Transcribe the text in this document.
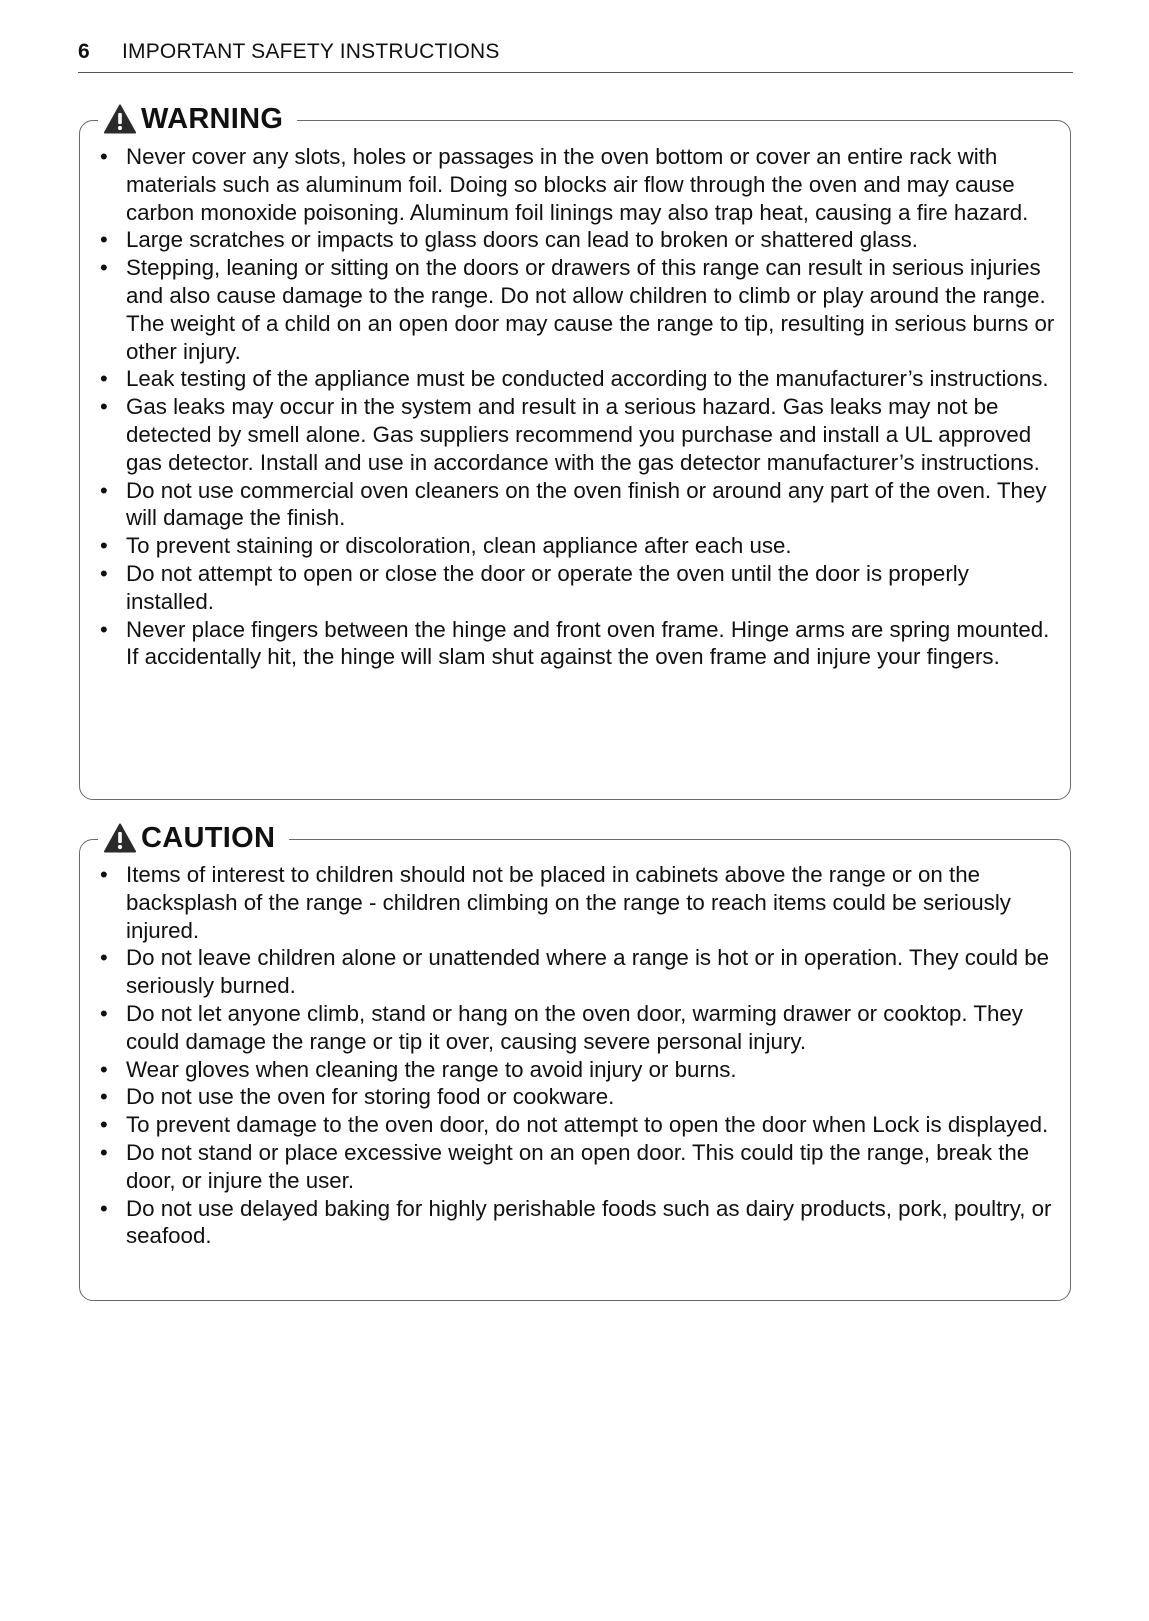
6 IMPORTANT SAFETY INSTRUCTIONS
WARNING
• Never cover any slots, holes or passages in the oven bottom or cover an entire rack with materials such as aluminum foil. Doing so blocks air flow through the oven and may cause carbon monoxide poisoning. Aluminum foil linings may also trap heat, causing a fire hazard.
• Large scratches or impacts to glass doors can lead to broken or shattered glass.
• Stepping, leaning or sitting on the doors or drawers of this range can result in serious injuries and also cause damage to the range. Do not allow children to climb or play around the range. The weight of a child on an open door may cause the range to tip, resulting in serious burns or other injury.
• Leak testing of the appliance must be conducted according to the manufacturer’s instructions.
• Gas leaks may occur in the system and result in a serious hazard. Gas leaks may not be detected by smell alone. Gas suppliers recommend you purchase and install a UL approved gas detector. Install and use in accordance with the gas detector manufacturer’s instructions.
• Do not use commercial oven cleaners on the oven finish or around any part of the oven. They will damage the finish.
• To prevent staining or discoloration, clean appliance after each use.
• Do not attempt to open or close the door or operate the oven until the door is properly installed.
• Never place fingers between the hinge and front oven frame. Hinge arms are spring mounted. If accidentally hit, the hinge will slam shut against the oven frame and injure your fingers.
CAUTION
• Items of interest to children should not be placed in cabinets above the range or on the backsplash of the range - children climbing on the range to reach items could be seriously injured.
• Do not leave children alone or unattended where a range is hot or in operation. They could be seriously burned.
• Do not let anyone climb, stand or hang on the oven door, warming drawer or cooktop. They could damage the range or tip it over, causing severe personal injury.
• Wear gloves when cleaning the range to avoid injury or burns.
• Do not use the oven for storing food or cookware.
• To prevent damage to the oven door, do not attempt to open the door when Lock is displayed.
• Do not stand or place excessive weight on an open door. This could tip the range, break the door, or injure the user.
• Do not use delayed baking for highly perishable foods such as dairy products, pork, poultry, or seafood.
